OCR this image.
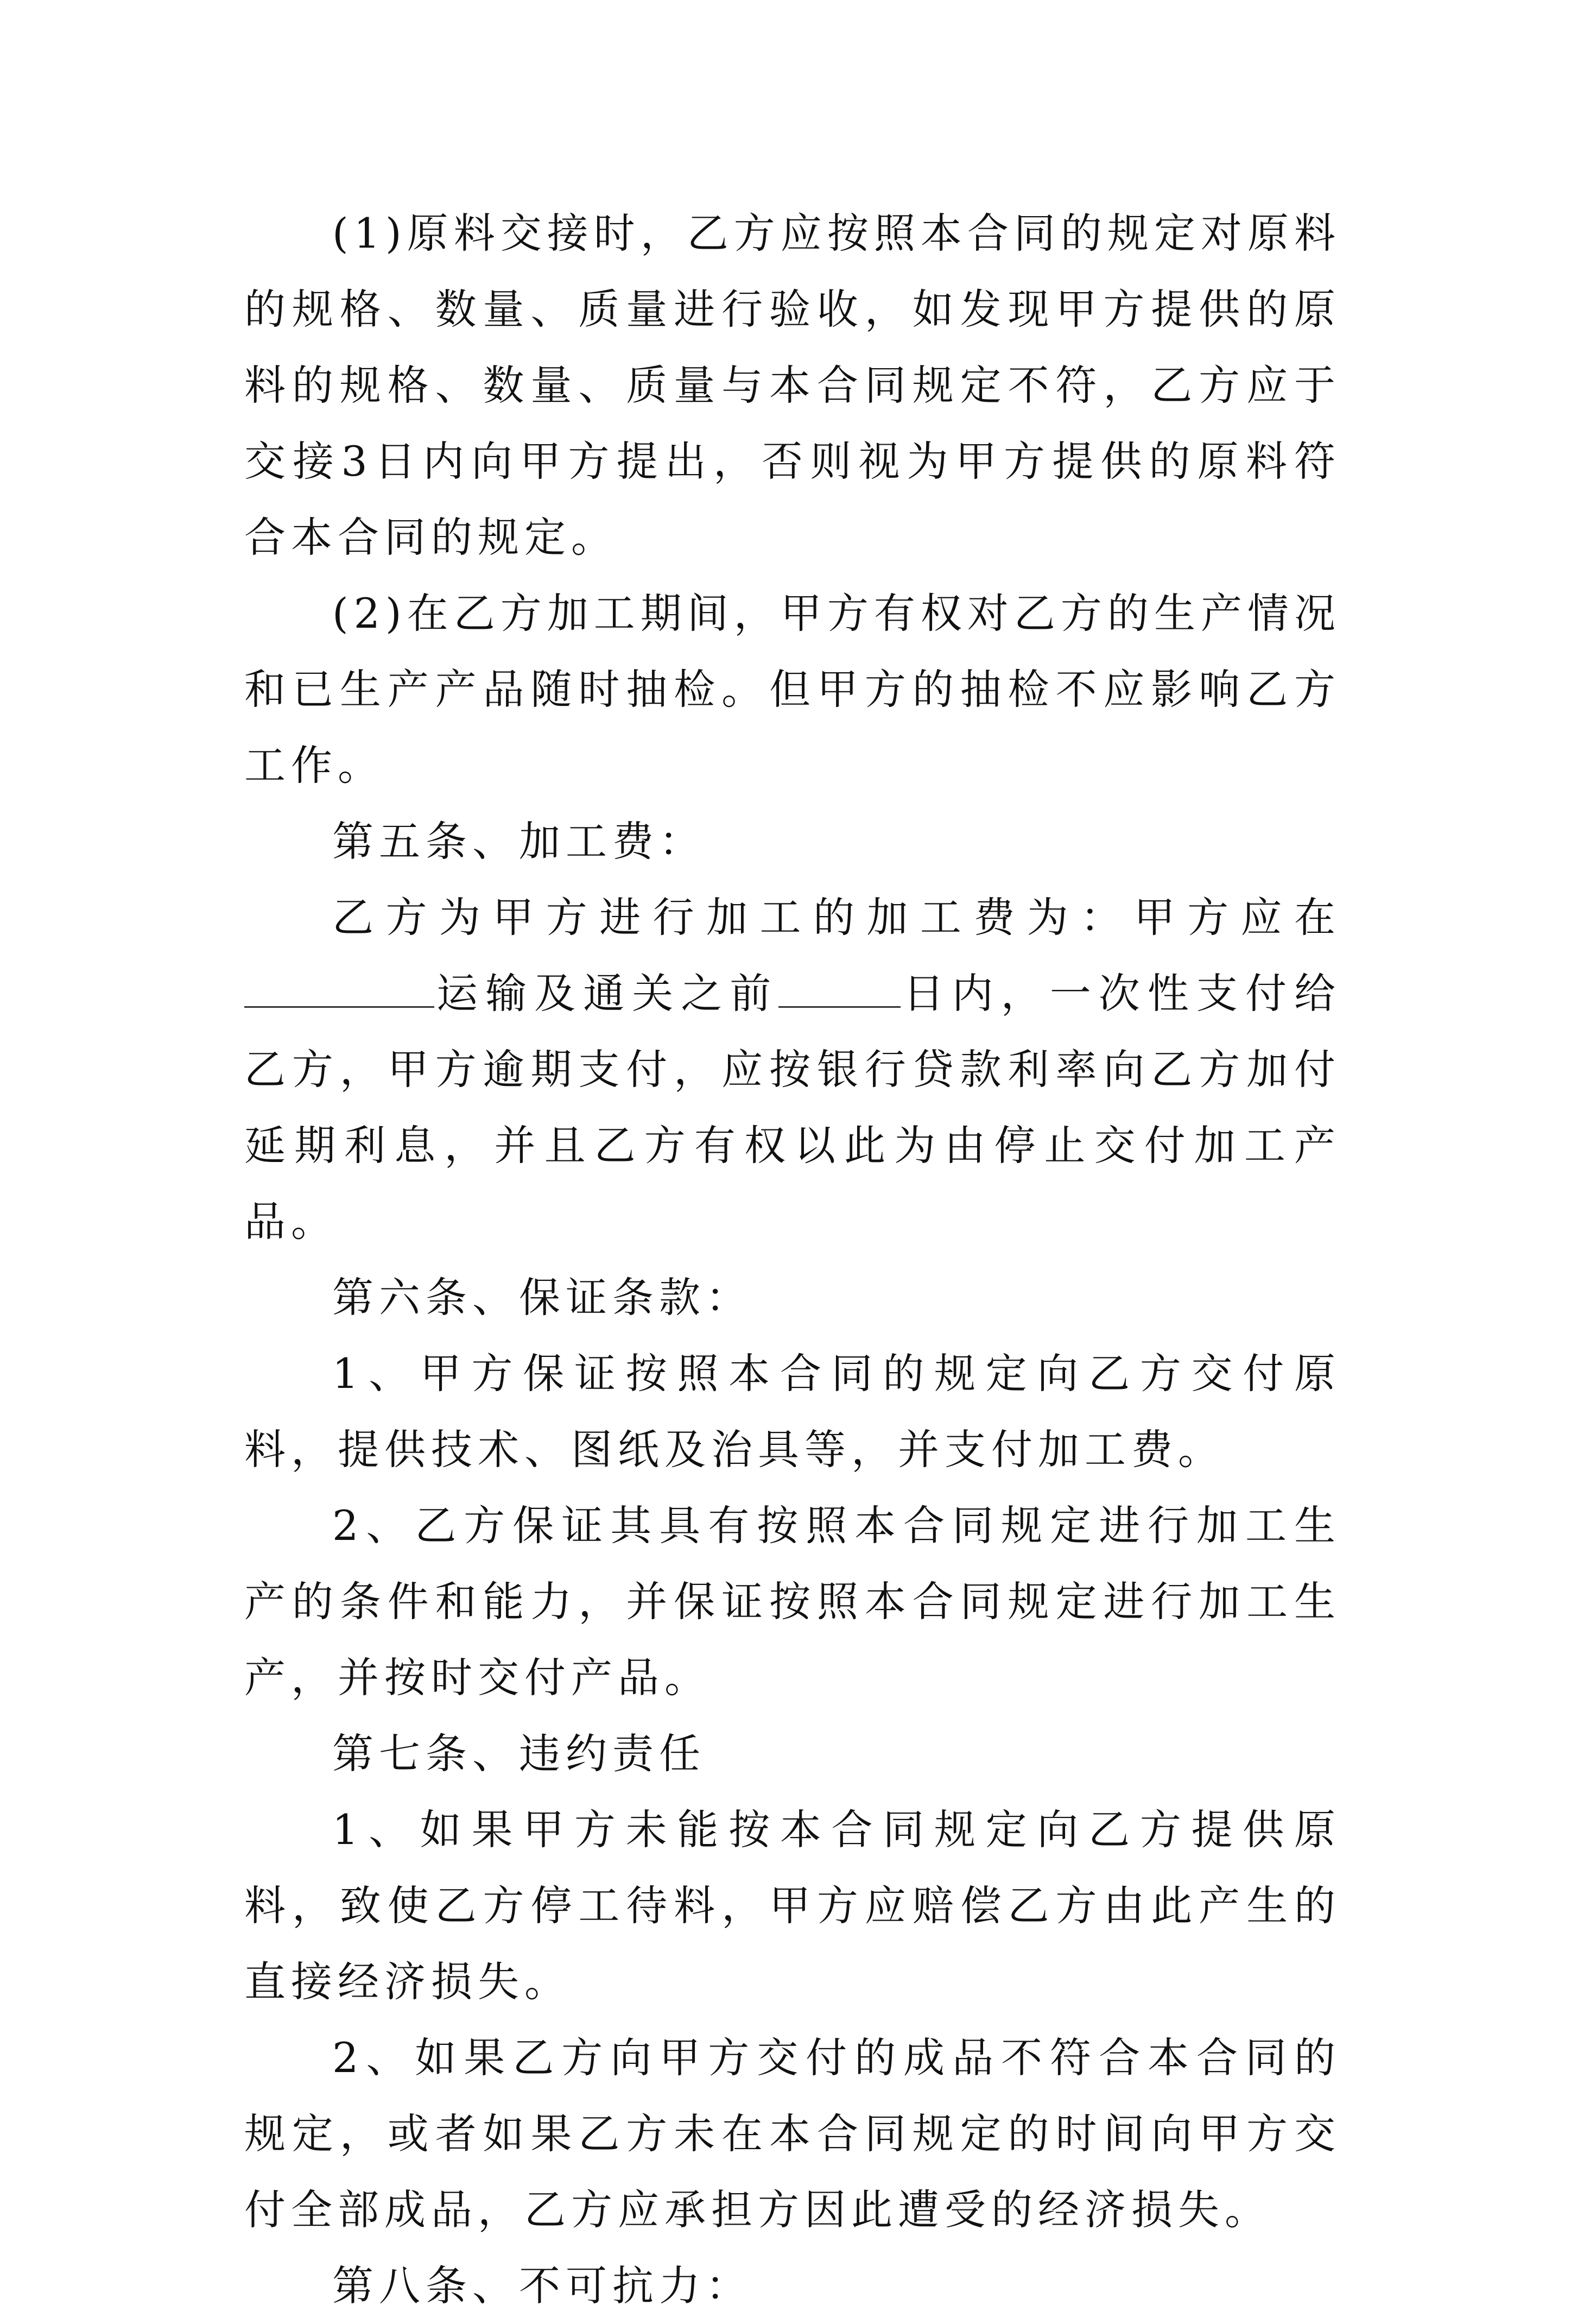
(1)原料交接时，乙方应按照本合同的规定对原料的规格、数量、质量进行验收，如发现甲方提供的原料的规格、数量、质量与本合同规定不符，乙方应于交接3日内向甲方提出，否则视为甲方提供的原料符合本合同的规定。

(2)在乙方加工期间，甲方有权对乙方的生产情况和已生产产品随时抽检。但甲方的抽检不应影响乙方工作。

第五条、加工费：

乙方为甲方进行加工的加工费为：甲方应在运输及通关之前	日内，一次性支付给乙方，甲方逾期支付，应按银行贷款利率向乙方加付延期利息，并且乙方有权以此为由停止交付加工产品。

第六条、保证条款：

1、甲方保证按照本合同的规定向乙方交付原料，提供技术、图纸及治具等，并支付加工费。

2、乙方保证其具有按照本合同规定进行加工生产的条件和能力，并保证按照本合同规定进行加工生产，并按时交付产品。

第七条、违约责任

1、如果甲方未能按本合同规定向乙方提供原料，致使乙方停工待料，甲方应赔偿乙方由此产生的直接经济损失。

2、如果乙方向甲方交付的成品不符合本合同的规定，或者如果乙方未在本合同规定的时间向甲方交付全部成品，乙方应承担方因此遭受的经济损失。

第八条、不可抗力：
